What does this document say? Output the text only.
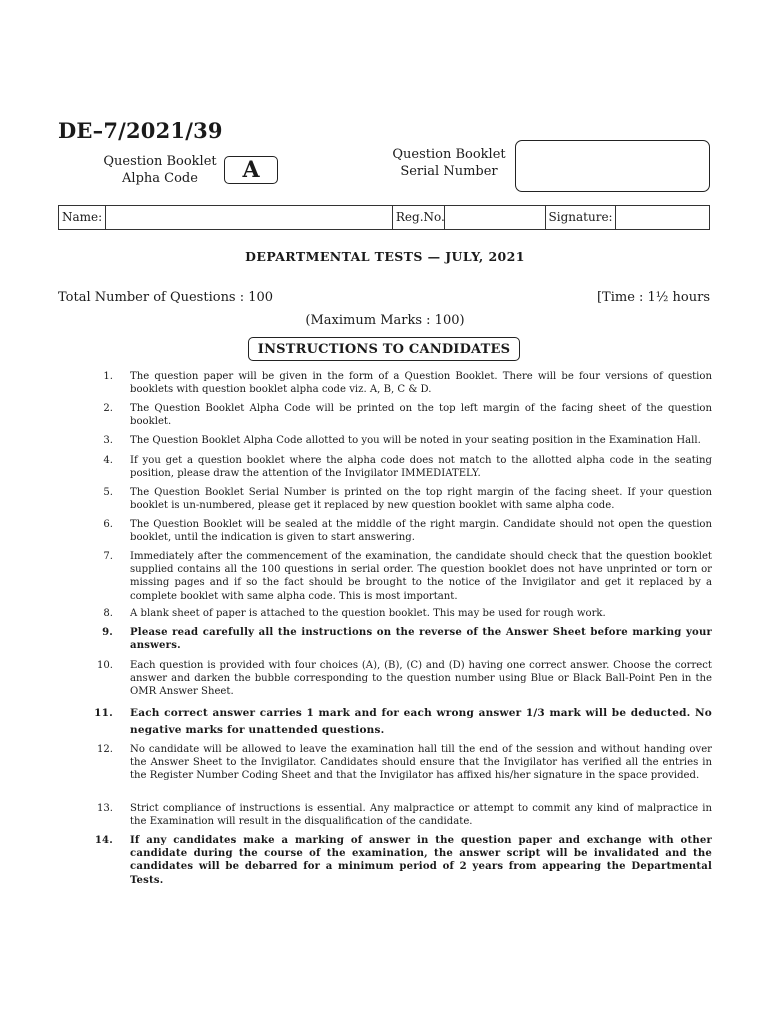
DE–7/2021/39
Question Booklet
Alpha Code	A
Question Booklet
Serial Number
Name:	Reg.No.	Signature:
DEPARTMENTAL TESTS — JULY, 2021
Total Number of Questions : 100	[Time : 1½ hours
(Maximum Marks : 100)
INSTRUCTIONS TO CANDIDATES
1.	The question paper will be given in the form of a Question Booklet. There will be four versions of question booklets with question booklet alpha code viz. A, B, C & D.
2.	The Question Booklet Alpha Code will be printed on the top left margin of the facing sheet of the question booklet.
3.	The Question Booklet Alpha Code allotted to you will be noted in your seating position in the Examination Hall.
4.	If you get a question booklet where the alpha code does not match to the allotted alpha code in the seating position, please draw the attention of the Invigilator IMMEDIATELY.
5.	The Question Booklet Serial Number is printed on the top right margin of the facing sheet. If your question booklet is un-numbered, please get it replaced by new question booklet with same alpha code.
6.	The Question Booklet will be sealed at the middle of the right margin. Candidate should not open the question booklet, until the indication is given to start answering.
7.	Immediately after the commencement of the examination, the candidate should check that the question booklet supplied contains all the 100 questions in serial order. The question booklet does not have unprinted or torn or missing pages and if so the fact should be brought to the notice of the Invigilator and get it replaced by a complete booklet with same alpha code. This is most important.
8.	A blank sheet of paper is attached to the question booklet. This may be used for rough work.
9.	Please read carefully all the instructions on the reverse of the Answer Sheet before marking your answers.
10.	Each question is provided with four choices (A), (B), (C) and (D) having one correct answer. Choose the correct answer and darken the bubble corresponding to the question number using Blue or Black Ball-Point Pen in the OMR Answer Sheet.
11.	Each correct answer carries 1 mark and for each wrong answer 1/3 mark will be deducted. No negative marks for unattended questions.
12.	No candidate will be allowed to leave the examination hall till the end of the session and without handing over the Answer Sheet to the Invigilator. Candidates should ensure that the Invigilator has verified all the entries in the Register Number Coding Sheet and that the Invigilator has affixed his/her signature in the space provided.
13.	Strict compliance of instructions is essential. Any malpractice or attempt to commit any kind of malpractice in the Examination will result in the disqualification of the candidate.
14.	If any candidates make a marking of answer in the question paper and exchange with other candidate during the course of the examination, the answer script will be invalidated and the candidates will be debarred for a minimum period of 2 years from appearing the Departmental Tests.
